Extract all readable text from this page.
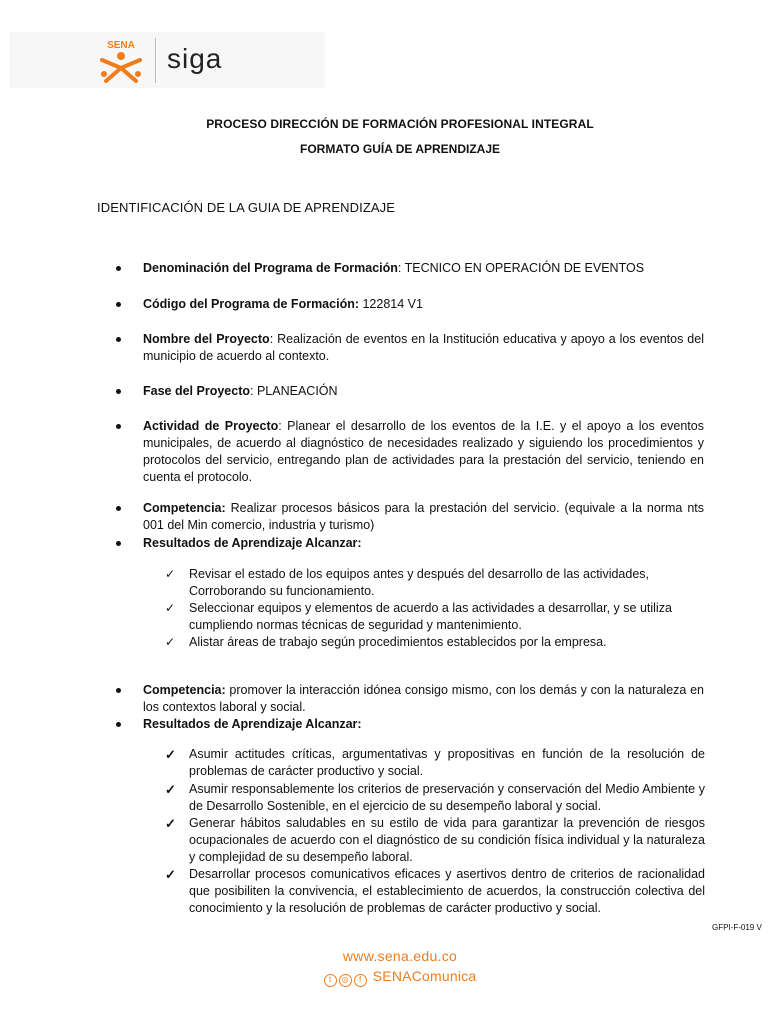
SENA siga
PROCESO DIRECCIÓN DE FORMACIÓN PROFESIONAL INTEGRAL
FORMATO GUÍA DE APRENDIZAJE
IDENTIFICACIÓN DE LA GUIA DE APRENDIZAJE
Denominación del Programa de Formación: TECNICO EN OPERACIÓN DE EVENTOS
Código del Programa de Formación: 122814 V1
Nombre del Proyecto: Realización de eventos en la Institución educativa y apoyo a los eventos del municipio de acuerdo al contexto.
Fase del Proyecto: PLANEACIÓN
Actividad de Proyecto: Planear el desarrollo de los eventos de la I.E. y el apoyo a los eventos municipales, de acuerdo al diagnóstico de necesidades realizado y siguiendo los procedimientos y protocolos del servicio, entregando plan de actividades para la prestación del servicio, teniendo en cuenta el protocolo.
Competencia: Realizar procesos básicos para la prestación del servicio. (equivale a la norma nts 001 del Min comercio, industria y turismo)
Resultados de Aprendizaje Alcanzar:
✓ Revisar el estado de los equipos antes y después del desarrollo de las actividades, Corroborando su funcionamiento.
✓ Seleccionar equipos y elementos de acuerdo a las actividades a desarrollar, y se utiliza cumpliendo normas técnicas de seguridad y mantenimiento.
✓ Alistar áreas de trabajo según procedimientos establecidos por la empresa.
Competencia: promover la interacción idónea consigo mismo, con los demás y con la naturaleza en los contextos laboral y social.
Resultados de Aprendizaje Alcanzar:
✓ Asumir actitudes críticas, argumentativas y propositivas en función de la resolución de problemas de carácter productivo y social.
✓ Asumir responsablemente los criterios de preservación y conservación del Medio Ambiente y de Desarrollo Sostenible, en el ejercicio de su desempeño laboral y social.
✓ Generar hábitos saludables en su estilo de vida para garantizar la prevención de riesgos ocupacionales de acuerdo con el diagnóstico de su condición física individual y la naturaleza y complejidad de su desempeño laboral.
✓ Desarrollar procesos comunicativos eficaces y asertivos dentro de criterios de racionalidad que posibiliten la convivencia, el establecimiento de acuerdos, la construcción colectiva del conocimiento y la resolución de problemas de carácter productivo y social.
GFPI-F-019 V
www.sena.edu.co
t ◎ f SENAComunica
